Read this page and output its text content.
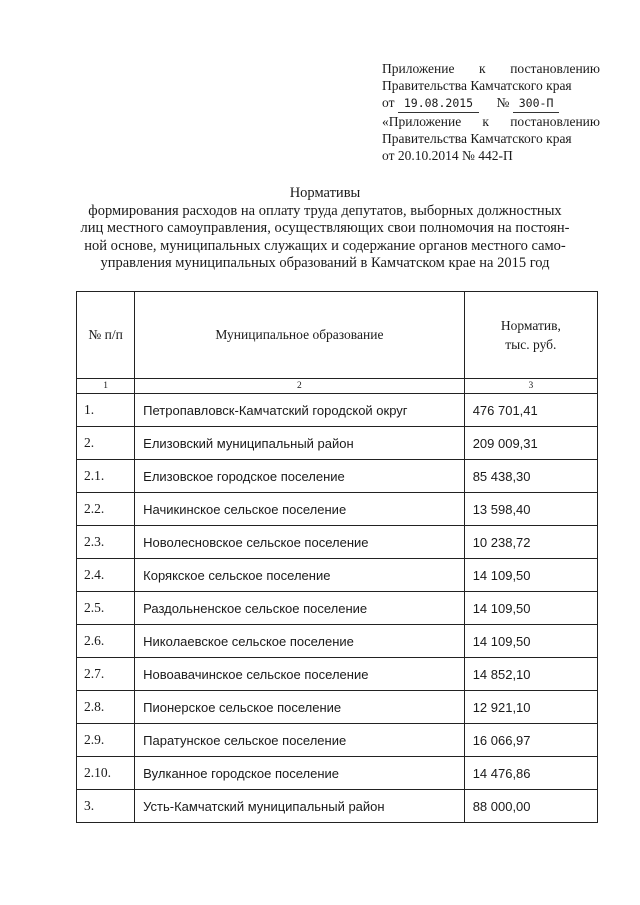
Приложение к постановлению
Правительства Камчатского края
от 19.08.2015 № 300-П
«Приложение к постановлению
Правительства Камчатского края
от 20.10.2014 № 442-П
Нормативы
формирования расходов на оплату труда депутатов, выборных должностных
лиц местного самоуправления, осуществляющих свои полномочия на постоян-
ной основе, муниципальных служащих и содержание органов местного само-
управления муниципальных образований в Камчатском крае на 2015 год
№ п/п	Муниципальное образование	Норматив,
тыс. руб.
1	2	3
1.	Петропавловск-Камчатский городской округ	476 701,41
2.	Елизовский муниципальный район	209 009,31
2.1.	Елизовское городское поселение	85 438,30
2.2.	Начикинское сельское поселение	13 598,40
2.3.	Новолесновское сельское поселение	10 238,72
2.4.	Корякское сельское поселение	14 109,50
2.5.	Раздольненское сельское поселение	14 109,50
2.6.	Николаевское сельское поселение	14 109,50
2.7.	Новоавачинское сельское поселение	14 852,10
2.8.	Пионерское сельское поселение	12 921,10
2.9.	Паратунское сельское поселение	16 066,97
2.10.	Вулканное городское поселение	14 476,86
3.	Усть-Камчатский муниципальный район	88 000,00
